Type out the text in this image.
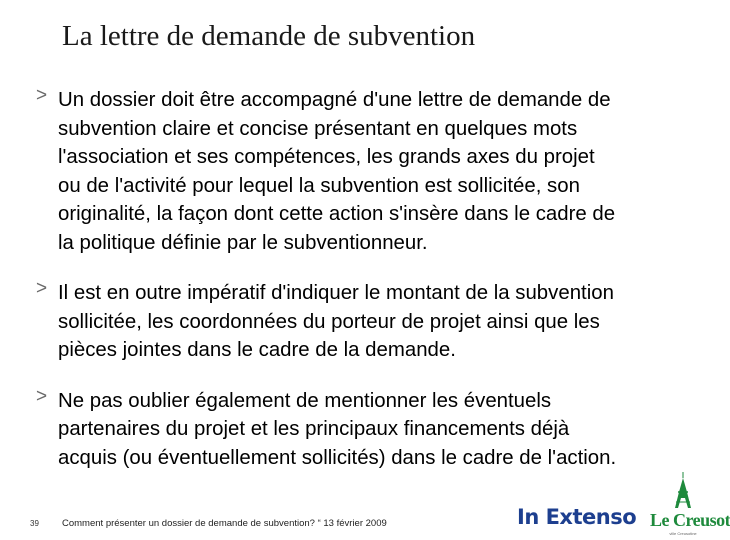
La lettre de demande de subvention
> Un dossier doit être accompagné d'une lettre de demande de
subvention claire et concise présentant en quelques mots
l'association et ses compétences, les grands axes du projet
ou de l'activité pour lequel la subvention est sollicitée, son
originalité, la façon dont cette action s'insère dans le cadre de
la politique définie par le subventionneur.
> Il est en outre impératif d'indiquer le montant de la subvention
sollicitée, les coordonnées du porteur de projet ainsi que les
pièces jointes dans le cadre de la demande.
> Ne pas oublier également de mentionner les éventuels
partenaires du projet et les principaux financements déjà
acquis (ou éventuellement sollicités) dans le cadre de l'action.
39 Comment présenter un dossier de demande de subvention? “ 13 février 2009	In Extenso Le Creusot
ville Creusotine
